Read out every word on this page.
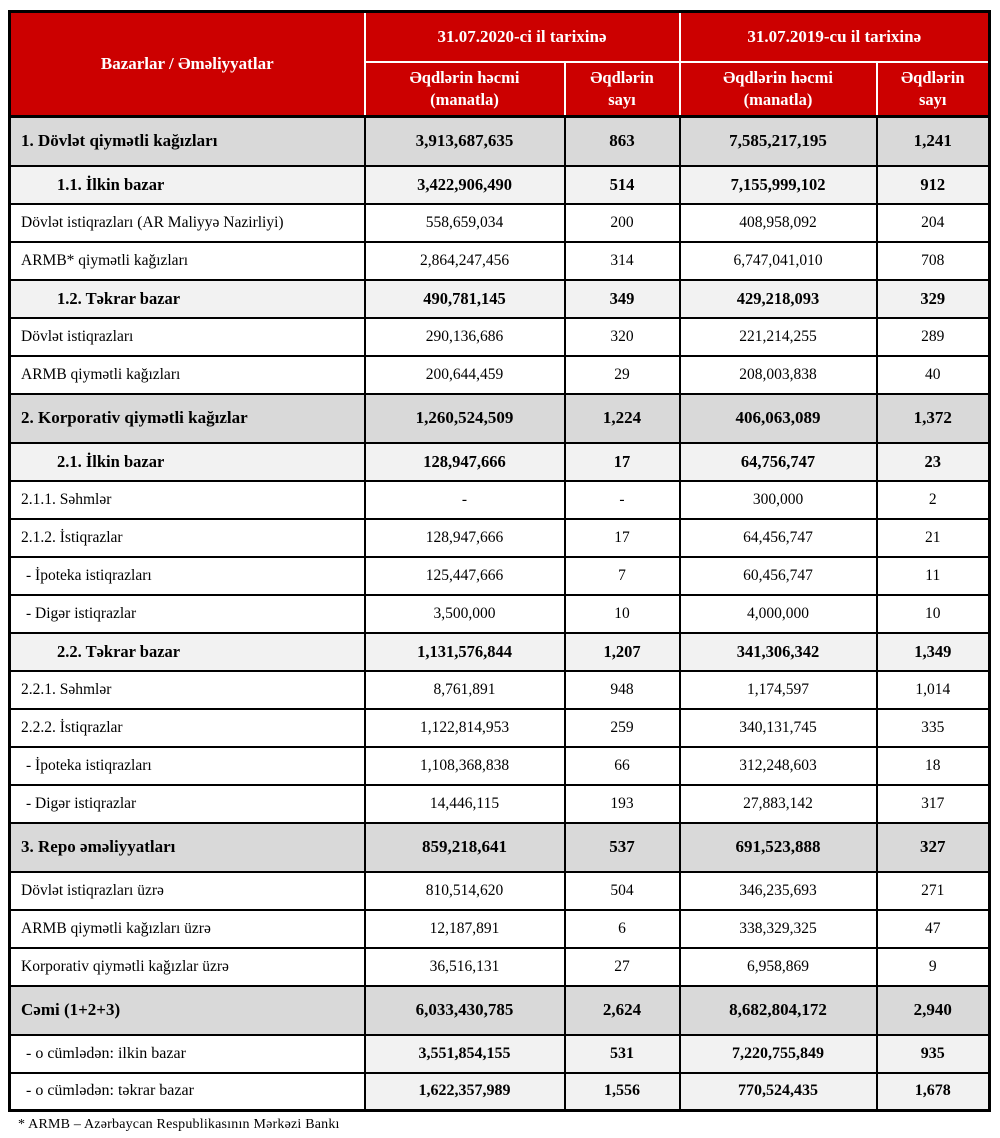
Bazarlar / Əməliyyatlar	31.07.2020-ci il tarixinə		31.07.2019-cu il tarixinə	
	Əqdlərin həcmi (manatla)	Əqdlərin sayı	Əqdlərin həcmi (manatla)	Əqdlərin sayı
1. Dövlət qiymətli kağızları	3,913,687,635	863	7,585,217,195	1,241
1.1. İlkin bazar	3,422,906,490	514	7,155,999,102	912
Dövlət istiqrazları (AR Maliyyə Nazirliyi)	558,659,034	200	408,958,092	204
ARMB* qiymətli kağızları	2,864,247,456	314	6,747,041,010	708
1.2. Təkrar bazar	490,781,145	349	429,218,093	329
Dövlət istiqrazları	290,136,686	320	221,214,255	289
ARMB qiymətli kağızları	200,644,459	29	208,003,838	40
2. Korporativ qiymətli kağızlar	1,260,524,509	1,224	406,063,089	1,372
2.1. İlkin bazar	128,947,666	17	64,756,747	23
2.1.1. Səhmlər	-	-	300,000	2
2.1.2. İstiqrazlar	128,947,666	17	64,456,747	21
- İpoteka istiqrazları	125,447,666	7	60,456,747	11
- Digər istiqrazlar	3,500,000	10	4,000,000	10
2.2. Təkrar bazar	1,131,576,844	1,207	341,306,342	1,349
2.2.1. Səhmlər	8,761,891	948	1,174,597	1,014
2.2.2. İstiqrazlar	1,122,814,953	259	340,131,745	335
- İpoteka istiqrazları	1,108,368,838	66	312,248,603	18
- Digər istiqrazlar	14,446,115	193	27,883,142	317
3. Repo əməliyyatları	859,218,641	537	691,523,888	327
Dövlət istiqrazları üzrə	810,514,620	504	346,235,693	271
ARMB qiymətli kağızları üzrə	12,187,891	6	338,329,325	47
Korporativ qiymətli kağızlar üzrə	36,516,131	27	6,958,869	9
Cəmi (1+2+3)	6,033,430,785	2,624	8,682,804,172	2,940
- o cümlədən: ilkin bazar	3,551,854,155	531	7,220,755,849	935
- o cümlədən: təkrar bazar	1,622,357,989	1,556	770,524,435	1,678
* ARMB – Azərbaycan Respublikasının Mərkəzi Bankı
